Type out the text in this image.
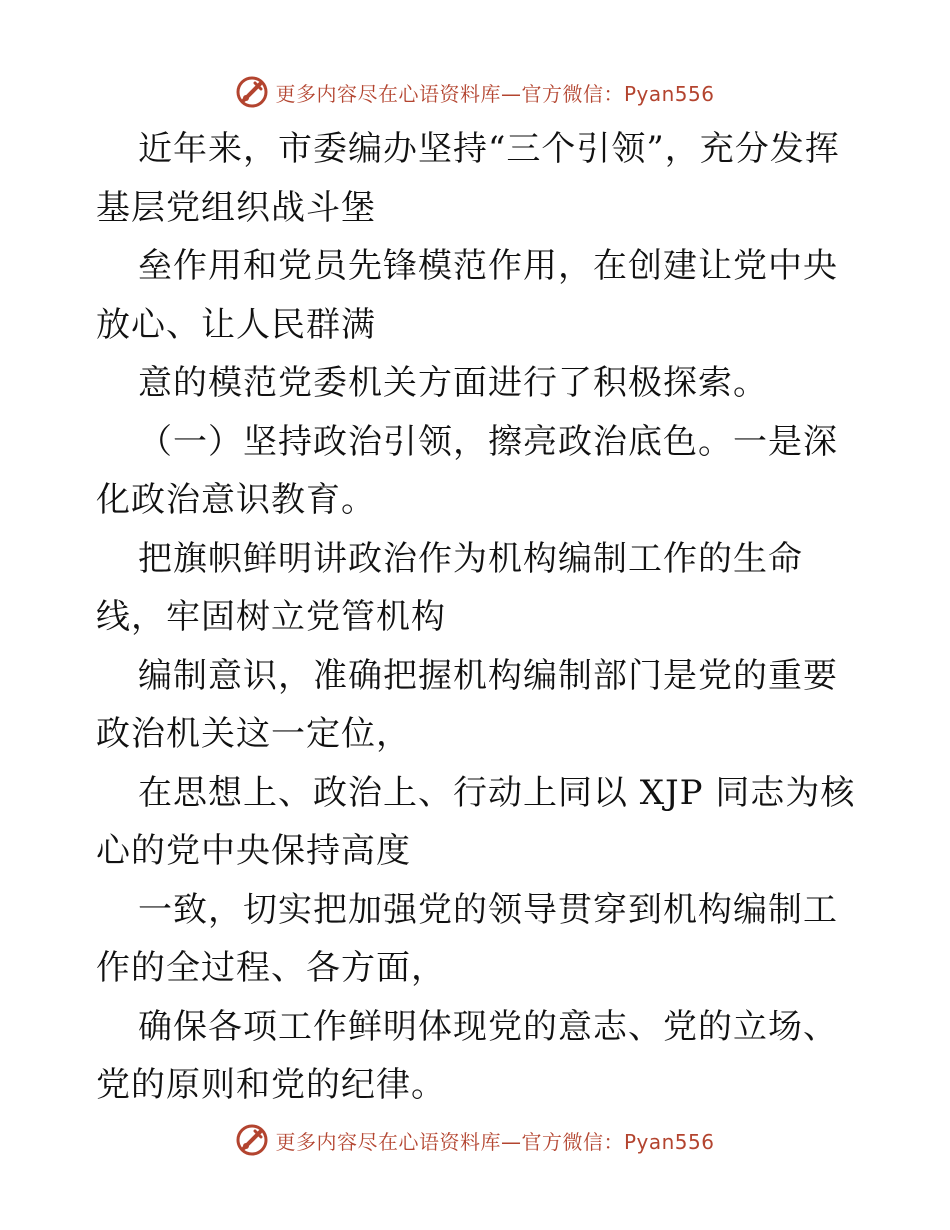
更多内容尽在心语资料库—官方微信：Pyan556

近年来，市委编办坚持“三个引领”，充分发挥基层党组织战斗堡

垒作用和党员先锋模范作用，在创建让党中央放心、让人民群满

意的模范党委机关方面进行了积极探索。

（一）坚持政治引领，擦亮政治底色。一是深化政治意识教育。

把旗帜鲜明讲政治作为机构编制工作的生命线，牢固树立党管机构

编制意识，准确把握机构编制部门是党的重要政治机关这一定位，

在思想上、政治上、行动上同以 XJP 同志为核心的党中央保持高度

一致，切实把加强党的领导贯穿到机构编制工作的全过程、各方面，

确保各项工作鲜明体现党的意志、党的立场、党的原则和党的纪律。

更多内容尽在心语资料库—官方微信：Pyan556
